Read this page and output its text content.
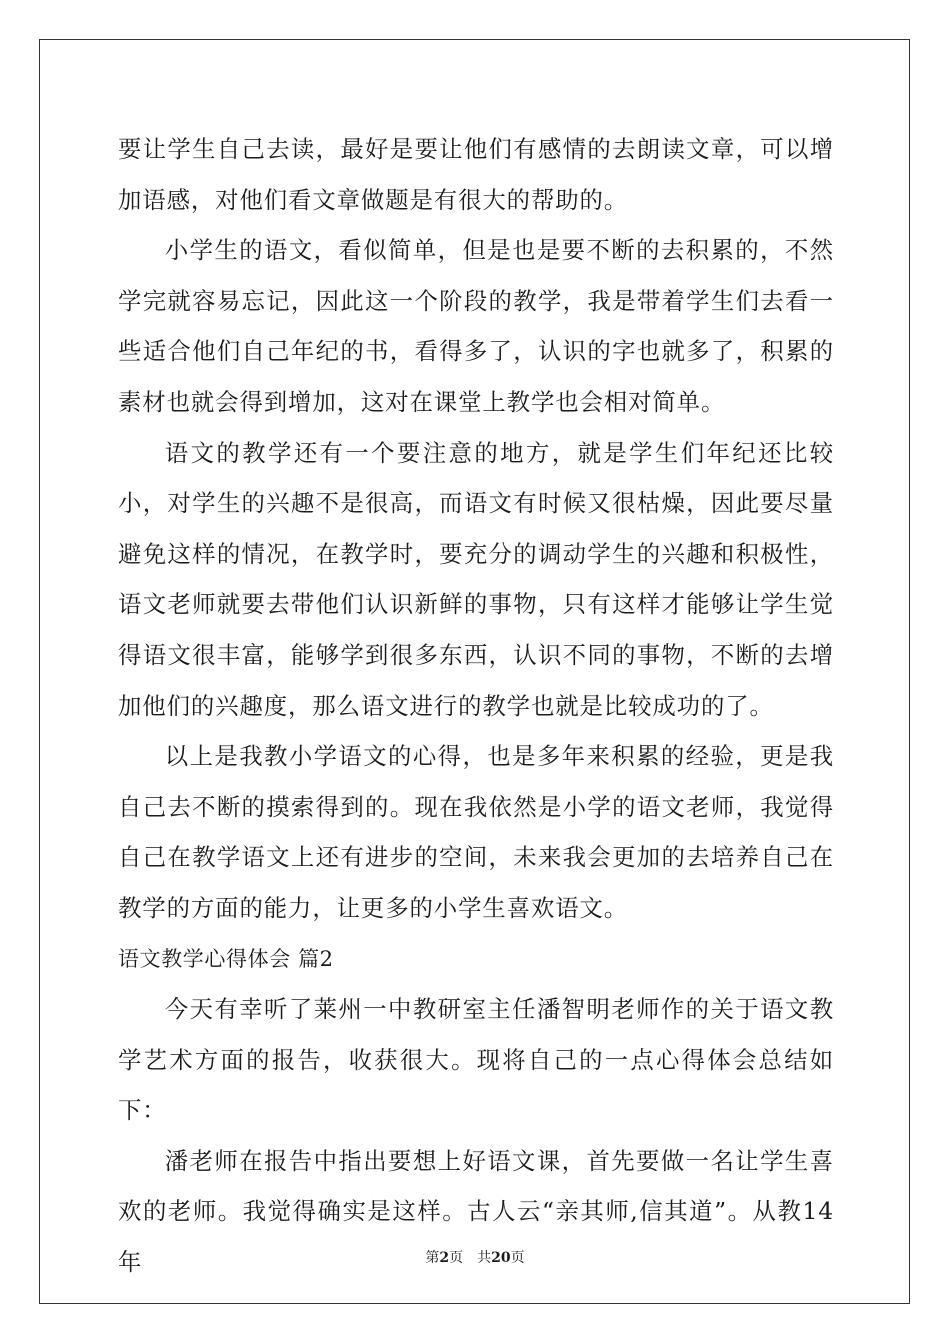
要让学生自己去读，最好是要让他们有感情的去朗读文章，可以增加语感，对他们看文章做题是有很大的帮助的。

小学生的语文，看似简单，但是也是要不断的去积累的，不然学完就容易忘记，因此这一个阶段的教学，我是带着学生们去看一些适合他们自己年纪的书，看得多了，认识的字也就多了，积累的素材也就会得到增加，这对在课堂上教学也会相对简单。

语文的教学还有一个要注意的地方，就是学生们年纪还比较小，对学生的兴趣不是很高，而语文有时候又很枯燥，因此要尽量避免这样的情况，在教学时，要充分的调动学生的兴趣和积极性，语文老师就要去带他们认识新鲜的事物，只有这样才能够让学生觉得语文很丰富，能够学到很多东西，认识不同的事物，不断的去增加他们的兴趣度，那么语文进行的教学也就是比较成功的了。

以上是我教小学语文的心得，也是多年来积累的经验，更是我自己去不断的摸索得到的。现在我依然是小学的语文老师，我觉得自己在教学语文上还有进步的空间，未来我会更加的去培养自己在教学的方面的能力，让更多的小学生喜欢语文。

语文教学心得体会 篇2

今天有幸听了莱州一中教研室主任潘智明老师作的关于语文教学艺术方面的报告，收获很大。现将自己的一点心得体会总结如下：

潘老师在报告中指出要想上好语文课，首先要做一名让学生喜欢的老师。我觉得确实是这样。古人云“亲其师,信其道”。从教14年	第2页 共20页
